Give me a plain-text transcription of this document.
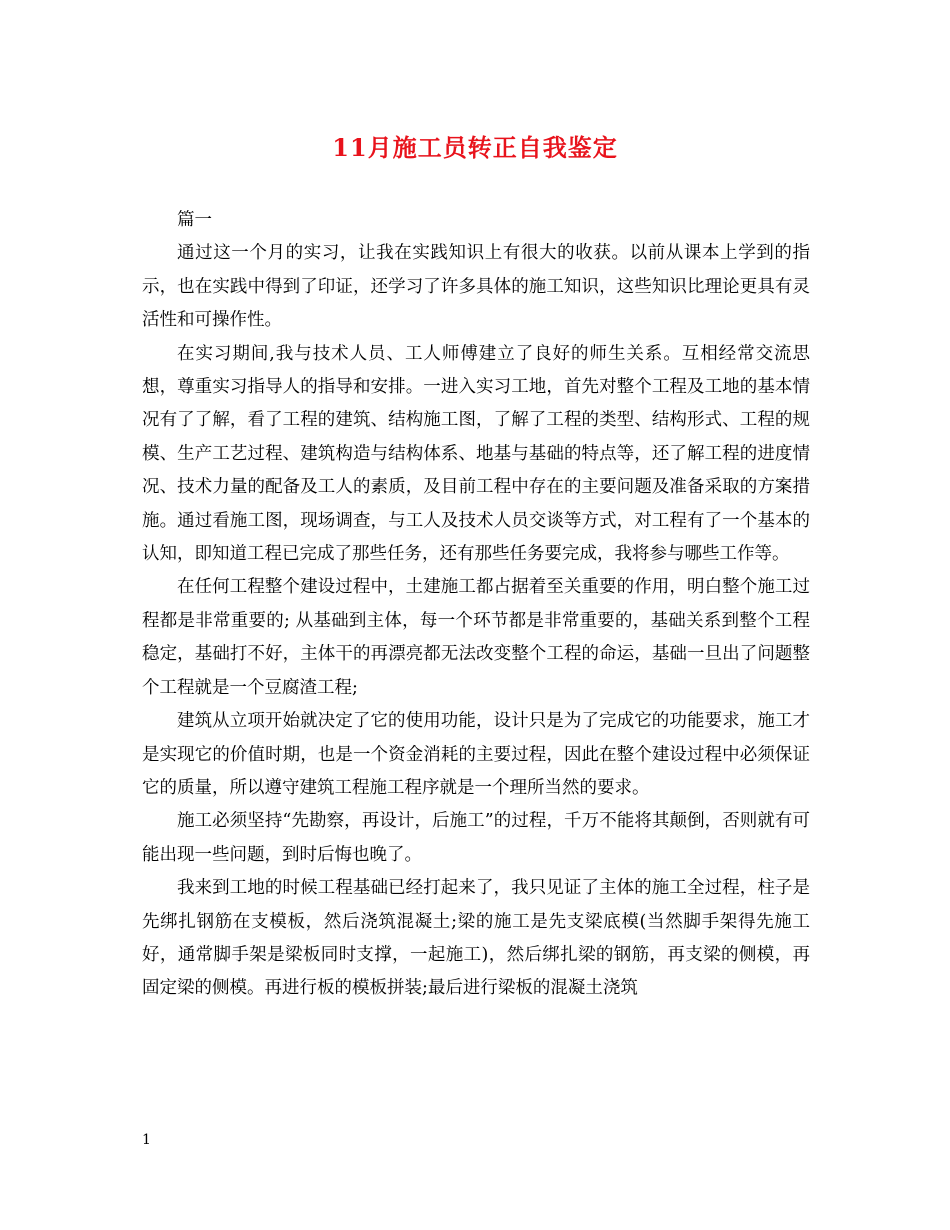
11月施工员转正自我鉴定

篇一

通过这一个月的实习，让我在实践知识上有很大的收获。以前从课本上学到的指示，也在实践中得到了印证，还学习了许多具体的施工知识，这些知识比理论更具有灵活性和可操作性。

在实习期间,我与技术人员、工人师傅建立了良好的师生关系。互相经常交流思想，尊重实习指导人的指导和安排。一进入实习工地，首先对整个工程及工地的基本情况有了了解，看了工程的建筑、结构施工图，了解了工程的类型、结构形式、工程的规模、生产工艺过程、建筑构造与结构体系、地基与基础的特点等，还了解工程的进度情况、技术力量的配备及工人的素质，及目前工程中存在的主要问题及准备采取的方案措施。通过看施工图，现场调查，与工人及技术人员交谈等方式，对工程有了一个基本的认知，即知道工程已完成了那些任务，还有那些任务要完成，我将参与哪些工作等。

在任何工程整个建设过程中，土建施工都占据着至关重要的作用，明白整个施工过程都是非常重要的; 从基础到主体，每一个环节都是非常重要的，基础关系到整个工程稳定，基础打不好，主体干的再漂亮都无法改变整个工程的命运，基础一旦出了问题整个工程就是一个豆腐渣工程;

建筑从立项开始就决定了它的使用功能，设计只是为了完成它的功能要求，施工才是实现它的价值时期，也是一个资金消耗的主要过程，因此在整个建设过程中必须保证它的质量，所以遵守建筑工程施工程序就是一个理所当然的要求。

施工必须坚持“先勘察，再设计，后施工”的过程，千万不能将其颠倒，否则就有可能出现一些问题，到时后悔也晚了。

我来到工地的时候工程基础已经打起来了，我只见证了主体的施工全过程，柱子是先绑扎钢筋在支模板，然后浇筑混凝土;梁的施工是先支梁底模(当然脚手架得先施工好，通常脚手架是梁板同时支撑，一起施工)，然后绑扎梁的钢筋，再支梁的侧模，再固定梁的侧模。再进行板的模板拼装;最后进行梁板的混凝土浇筑

1
